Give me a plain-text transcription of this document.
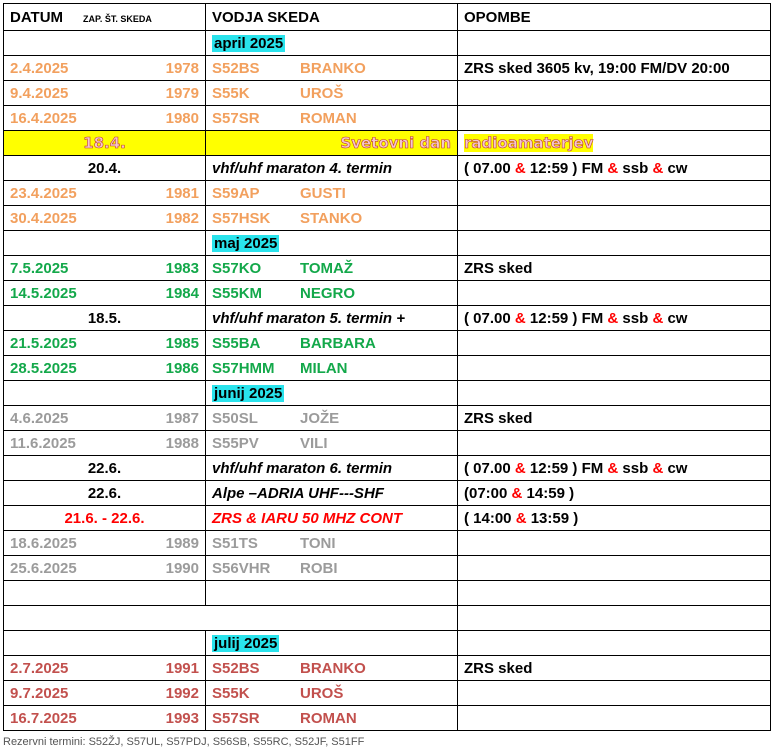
DATUM ZAP. ŠT. SKEDA	VODJA SKEDA	OPOMBE
	april 2025	
2.4.2025 1978	S52BS BRANKO	ZRS sked 3605 kv, 19:00 FM/DV 20:00
9.4.2025 1979	S55K UROŠ	
16.4.2025 1980	S57SR ROMAN	
18.4.	Svetovni dan	radioamaterjev
20.4.	vhf/uhf maraton 4. termin	( 07.00 & 12:59 ) FM & ssb & cw
23.4.2025 1981	S59AP GUSTI	
30.4.2025 1982	S57HSK STANKO	
	maj 2025	
7.5.2025 1983	S57KO TOMAŽ	ZRS sked
14.5.2025 1984	S55KM NEGRO	
18.5.	vhf/uhf maraton 5. termin +	( 07.00 & 12:59 ) FM & ssb & cw
21.5.2025 1985	S55BA BARBARA	
28.5.2025 1986	S57HMM MILAN	
	junij 2025	
4.6.2025 1987	S50SL JOŽE	ZRS sked
11.6.2025 1988	S55PV VILI	
22.6.	vhf/uhf maraton 6. termin	( 07.00 & 12:59 ) FM & ssb & cw
22.6.	Alpe –ADRIA UHF---SHF	(07:00 & 14:59 )
21.6. - 22.6.	ZRS & IARU 50 MHZ CONT	( 14:00 & 13:59 )
18.6.2025 1989	S51TS TONI	
25.6.2025 1990	S56VHR ROBI	

	julij 2025	
2.7.2025 1991	S52BS BRANKO	ZRS sked
9.7.2025 1992	S55K UROŠ	
16.7.2025 1993	S57SR ROMAN	
Rezervni termini: S52ŽJ, S57UL, S57PDJ, S56SB, S55RC, S52JF, S51FF
